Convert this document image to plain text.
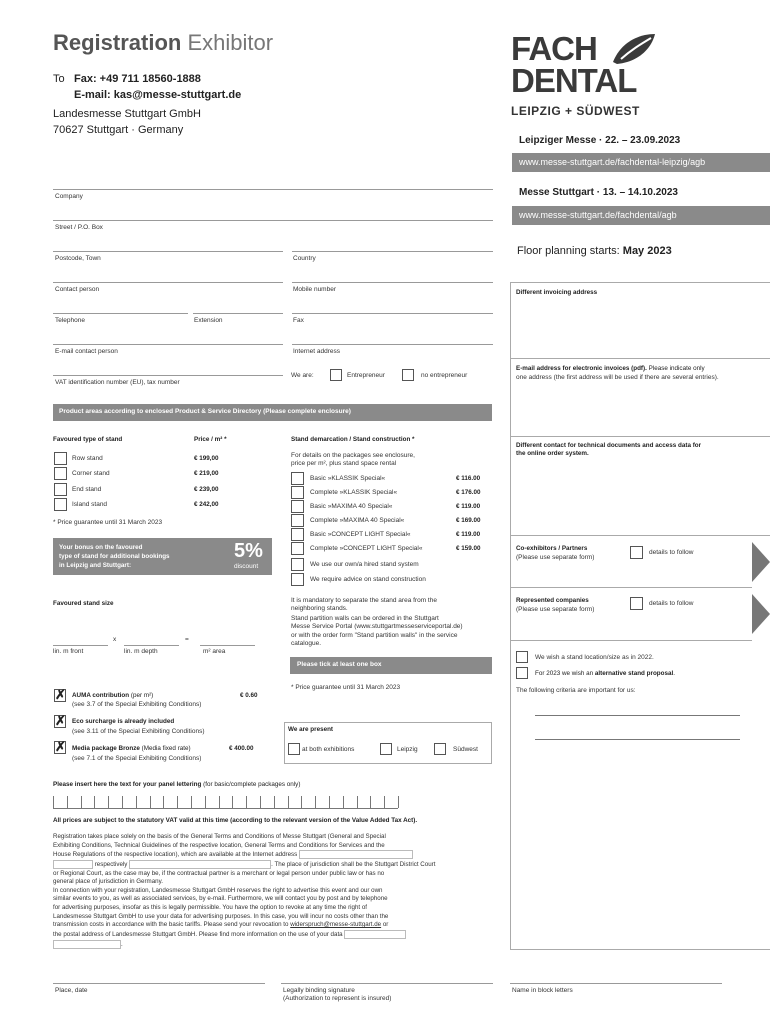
Registration Exhibitor
To Fax: +49 711 18560-1888
E-mail: kas@messe-stuttgart.de
Landesmesse Stuttgart GmbH
70627 Stuttgart · Germany
FACH
DENTAL
LEIPZIG + SÜDWEST
Leipziger Messe · 22. – 23.09.2023
www.messe-stuttgart.de/fachdental-leipzig/agb
Messe Stuttgart · 13. – 14.10.2023
www.messe-stuttgart.de/fachdental/agb
Floor planning starts: May 2023
Company
Street / P.O. Box
Postcode, Town	Country
Contact person	Mobile number
Telephone	Extension	Fax
E-mail contact person	Internet address
VAT identification number (EU), tax number
We are:	Entrepreneur	no entrepreneur
Product areas according to enclosed Product & Service Directory (Please complete enclosure)
Favoured type of stand	Price / m² *
Row stand	€ 199,00
Corner stand	€ 219,00
End stand	€ 239,00
Island stand	€ 242,00
* Price guarantee until 31 March 2023
Your bonus on the favoured
type of stand for additional bookings
in Leipzig and Stuttgart:
5%
discount
Favoured stand size
x	=
lin. m front	lin. m depth	m² area
Stand demarcation / Stand construction *
For details on the packages see enclosure,
price per m², plus stand space rental
Basic »KLASSIK Special«	€ 116.00
Complete »KLASSIK Special«	€ 176.00
Basic »MAXIMA 40 Special«	€ 119.00
Complete »MAXIMA 40 Special«	€ 169.00
Basic »CONCEPT LIGHT Special«	€ 119.00
Complete »CONCEPT LIGHT Special«	€ 159.00
We use our own/a hired stand system
We require advice on stand construction
It is mandatory to separate the stand area from the
neighboring stands.
Stand partition walls can be ordered in the Stuttgart
Messe Service Portal (www.stuttgartmesseserviceportal.de)
or with the order form "Stand partition walls" in the service
catalogue.
Please tick at least one box
* Price guarantee until 31 March 2023
✗ AUMA contribution (per m²)	€ 0.60
(see 3.7 of the Special Exhibiting Conditions)
✗ Eco surcharge is already included
(see 3.11 of the Special Exhibiting Conditions)
✗ Media package Bronze (Media fixed rate)	€ 400.00
(see 7.1 of the Special Exhibiting Conditions)
We are present
at both exhibitions	Leipzig	Südwest
Please insert here the text for your panel lettering (for basic/complete packages only)
All prices are subject to the statutory VAT valid at this time (according to the relevant version of the Value Added Tax Act).
Registration takes place solely on the basis of the General Terms and Conditions of Messe Stuttgart (General and Special
Exhibiting Conditions, Technical Guidelines of the respective location, General Terms and Conditions for Services and the
House Regulations of the respective location), which are available at the Internet address
respectively	. The place of jurisdiction shall be the Stuttgart District Court
or Regional Court, as the case may be, if the contractual partner is a merchant or legal person under public law or has no
general place of jurisdiction in Germany.
In connection with your registration, Landesmesse Stuttgart GmbH reserves the right to advertise this event and our own
similar events to you, as well as associated services, by e-mail. Furthermore, we will contact you by post and by telephone
for advertising purposes, insofar as this is legally permissible. You have the option to revoke at any time the right of
Landesmesse Stuttgart GmbH to use your data for advertising purposes. In this case, you will incur no costs other than the
transmission costs in accordance with the basic tariffs. Please send your revocation to widerspruch@messe-stuttgart.de or
the postal address of Landesmesse Stuttgart GmbH. Please find more information on the use of your data
.
Place, date	Legally binding signature
(Authorization to represent is insured)
Name in block letters
Different invoicing address
E-mail address for electronic invoices (pdf). Please indicate only
one address (the first address will be used if there are several entries).
Different contact for technical documents and access data for
the online order system.
Co-exhibitors / Partners
(Please use separate form)
details to follow
Represented companies
(Please use separate form)
details to follow
We wish a stand location/size as in 2022.
For 2023 we wish an alternative stand proposal.
The following criteria are important for us:
